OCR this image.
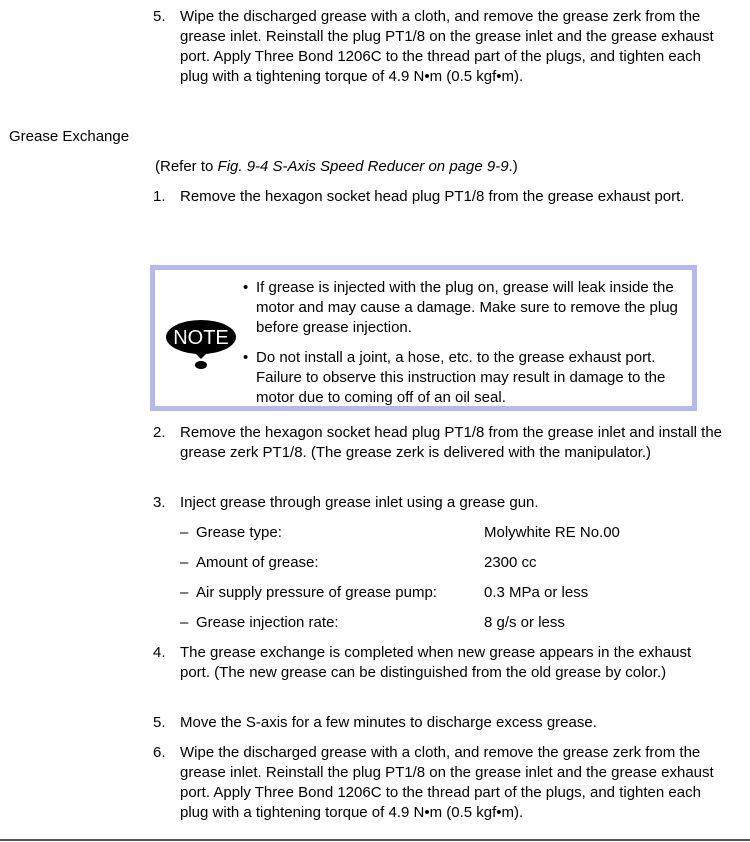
5. Wipe the discharged grease with a cloth, and remove the grease zerk from the grease inlet. Reinstall the plug PT1/8 on the grease inlet and the grease exhaust port. Apply Three Bond 1206C to the thread part of the plugs, and tighten each plug with a tightening torque of 4.9 N•m (0.5 kgf•m).
Grease Exchange
(Refer to Fig. 9-4 S-Axis Speed Reducer on page 9-9.)
1. Remove the hexagon socket head plug PT1/8 from the grease exhaust port.
NOTE
• If grease is injected with the plug on, grease will leak inside the motor and may cause a damage. Make sure to remove the plug before grease injection.
• Do not install a joint, a hose, etc. to the grease exhaust port. Failure to observe this instruction may result in damage to the motor due to coming off of an oil seal.
2. Remove the hexagon socket head plug PT1/8 from the grease inlet and install the grease zerk PT1/8. (The grease zerk is delivered with the manipulator.)
3. Inject grease through grease inlet using a grease gun.
– Grease type:	Molywhite RE No.00
– Amount of grease:	2300 cc
– Air supply pressure of grease pump:	0.3 MPa or less
– Grease injection rate:	8 g/s or less
4. The grease exchange is completed when new grease appears in the exhaust port. (The new grease can be distinguished from the old grease by color.)
5. Move the S-axis for a few minutes to discharge excess grease.
6. Wipe the discharged grease with a cloth, and remove the grease zerk from the grease inlet. Reinstall the plug PT1/8 on the grease inlet and the grease exhaust port. Apply Three Bond 1206C to the thread part of the plugs, and tighten each plug with a tightening torque of 4.9 N•m (0.5 kgf•m).
